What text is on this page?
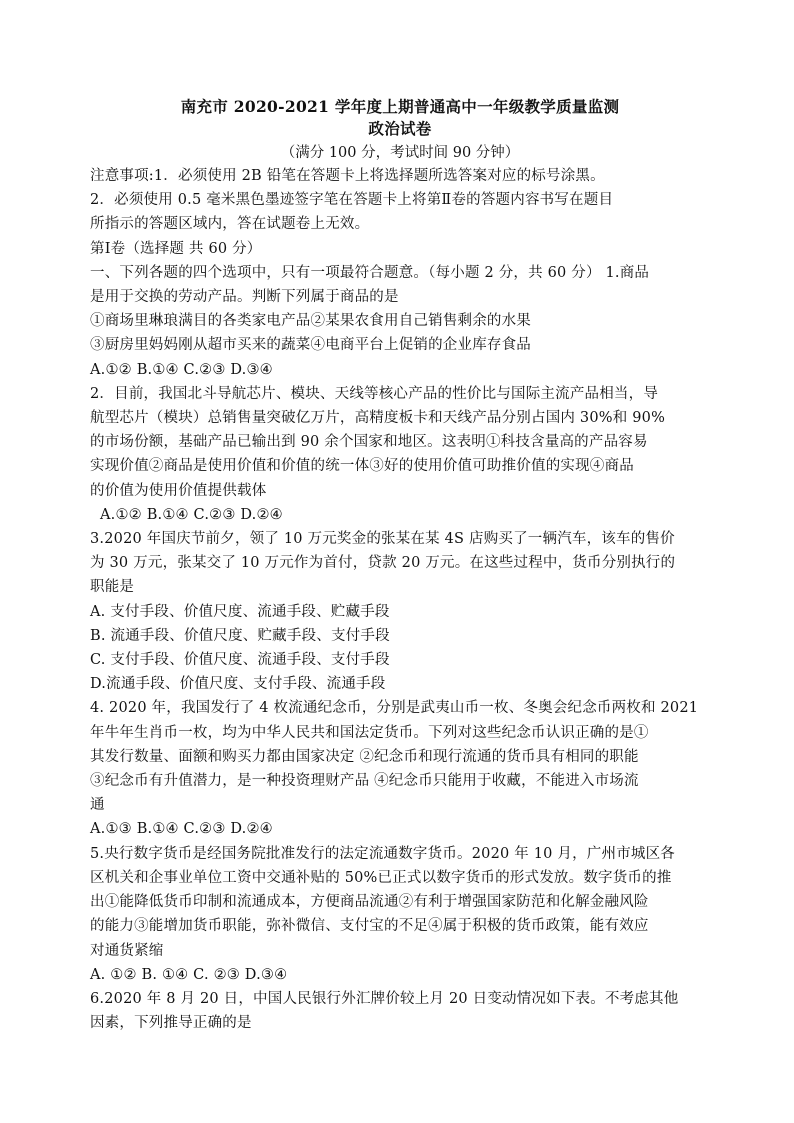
南充市 2020-2021 学年度上期普通高中一年级教学质量监测
政治试卷
（满分 100 分，考试时间 90 分钟）
注意事项:1．必须使用 2B 铅笔在答题卡上将选择题所选答案对应的标号涂黑。
2．必须使用 0.5 毫米黑色墨迹签字笔在答题卡上将第Ⅱ卷的答题内容书写在题目
所指示的答题区域内，答在试题卷上无效。
第Ⅰ卷（选择题 共 60 分）
一、下列各题的四个选项中，只有一项最符合题意。（每小题 2 分，共 60 分） 1.商品
是用于交换的劳动产品。判断下列属于商品的是
①商场里琳琅满目的各类家电产品②某果农食用自己销售剩余的水果
③厨房里妈妈刚从超市买来的蔬菜④电商平台上促销的企业库存食品
A.①② B.①④ C.②③ D.③④
2．目前，我国北斗导航芯片、模块、天线等核心产品的性价比与国际主流产品相当，导
航型芯片（模块）总销售量突破亿万片，高精度板卡和天线产品分别占国内 30%和 90%
的市场份额，基础产品已输出到 90 余个国家和地区。这表明①科技含量高的产品容易
实现价值②商品是使用价值和价值的统一体③好的使用价值可助推价值的实现④商品
的价值为使用价值提供载体
A.①② B.①④ C.②③ D.②④
3.2020 年国庆节前夕，领了 10 万元奖金的张某在某 4S 店购买了一辆汽车，该车的售价
为 30 万元，张某交了 10 万元作为首付，贷款 20 万元。在这些过程中，货币分别执行的
职能是
A. 支付手段、价值尺度、流通手段、贮藏手段
B. 流通手段、价值尺度、贮藏手段、支付手段
C. 支付手段、价值尺度、流通手段、支付手段
D.流通手段、价值尺度、支付手段、流通手段
4. 2020 年，我国发行了 4 枚流通纪念币，分别是武夷山币一枚、冬奥会纪念币两枚和 2021
年牛年生肖币一枚，均为中华人民共和国法定货币。下列对这些纪念币认识正确的是①
其发行数量、面额和购买力都由国家决定 ②纪念币和现行流通的货币具有相同的职能
③纪念币有升值潜力，是一种投资理财产品 ④纪念币只能用于收藏，不能进入市场流
通
A.①③ B.①④ C.②③ D.②④
5.央行数字货币是经国务院批准发行的法定流通数字货币。2020 年 10 月，广州市城区各
区机关和企事业单位工资中交通补贴的 50%已正式以数字货币的形式发放。数字货币的推
出①能降低货币印制和流通成本，方便商品流通②有利于增强国家防范和化解金融风险
的能力③能增加货币职能，弥补微信、支付宝的不足④属于积极的货币政策，能有效应
对通货紧缩
A. ①② B. ①④ C. ②③ D.③④
6.2020 年 8 月 20 日，中国人民银行外汇牌价较上月 20 日变动情况如下表。不考虑其他
因素，下列推导正确的是
